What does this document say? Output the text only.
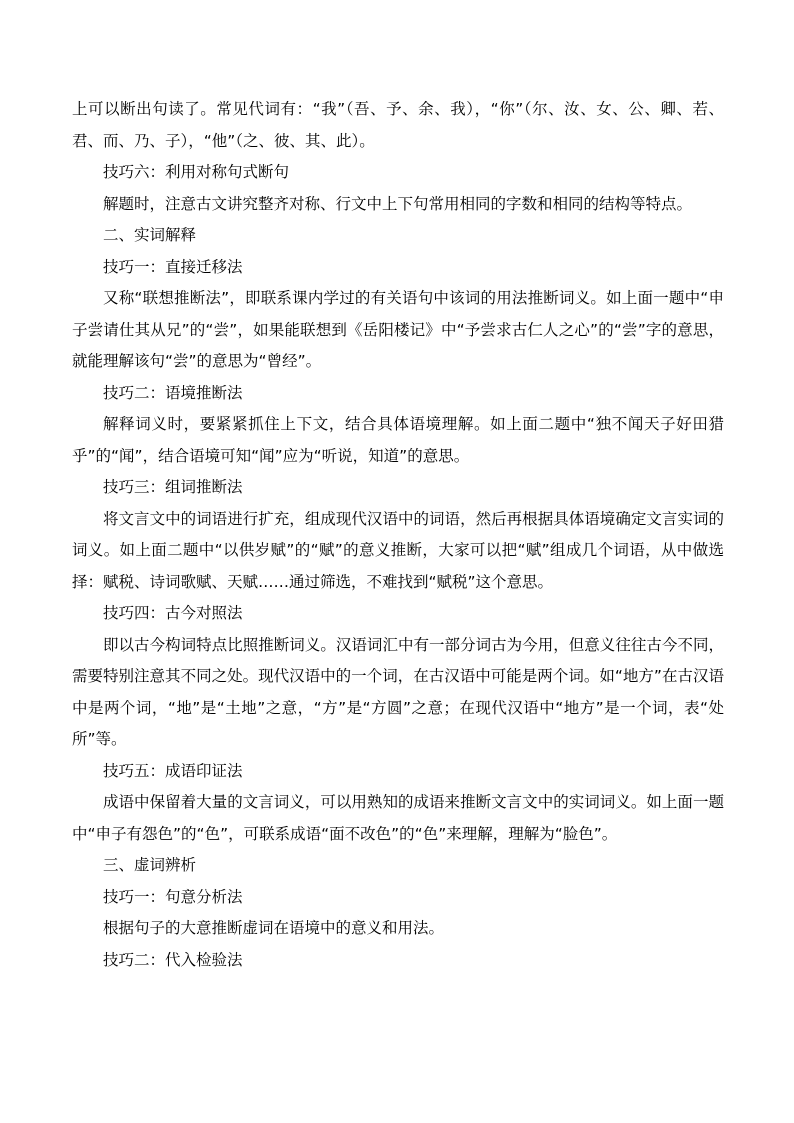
上可以断出句读了。常见代词有：“我”（吾、予、余、我），“你”（尔、汝、女、公、卿、若、君、而、乃、子），“他”（之、彼、其、此）。

技巧六：利用对称句式断句

解题时，注意古文讲究整齐对称、行文中上下句常用相同的字数和相同的结构等特点。

二、实词解释

技巧一：直接迁移法

又称“联想推断法”，即联系课内学过的有关语句中该词的用法推断词义。如上面一题中“申子尝请仕其从兄”的“尝”，如果能联想到《岳阳楼记》中“予尝求古仁人之心”的“尝”字的意思，就能理解该句“尝”的意思为“曾经”。

技巧二：语境推断法

解释词义时，要紧紧抓住上下文，结合具体语境理解。如上面二题中“独不闻天子好田猎乎”的“闻”，结合语境可知“闻”应为“听说，知道”的意思。

技巧三：组词推断法

将文言文中的词语进行扩充，组成现代汉语中的词语，然后再根据具体语境确定文言实词的词义。如上面二题中“以供岁赋”的“赋”的意义推断，大家可以把“赋”组成几个词语，从中做选择：赋税、诗词歌赋、天赋……通过筛选，不难找到“赋税”这个意思。

技巧四：古今对照法

即以古今构词特点比照推断词义。汉语词汇中有一部分词古为今用，但意义往往古今不同，需要特别注意其不同之处。现代汉语中的一个词，在古汉语中可能是两个词。如“地方”在古汉语中是两个词，“地”是“土地”之意，“方”是“方圆”之意；在现代汉语中“地方”是一个词，表“处所”等。

技巧五：成语印证法

成语中保留着大量的文言词义，可以用熟知的成语来推断文言文中的实词词义。如上面一题中“申子有怨色”的“色”，可联系成语“面不改色”的“色”来理解，理解为“脸色”。

三、虚词辨析

技巧一：句意分析法

根据句子的大意推断虚词在语境中的意义和用法。

技巧二：代入检验法
